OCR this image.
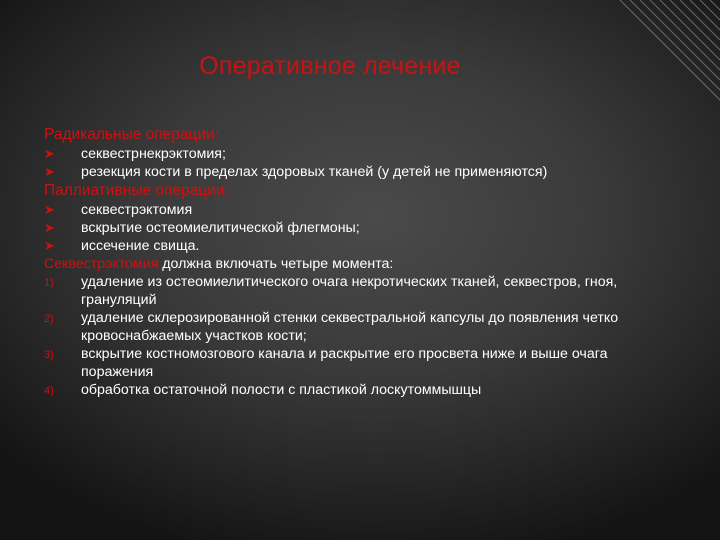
Оперативное лечение
Радикальные операции:
➤ секвестрнекрэктомия;
➤ резекция кости в пределах здоровых тканей (у детей не применяются)
Паллиативные операции:
➤ секвестрэктомия
➤ вскрытие остеомиелитической флегмоны;
➤ иссечение свища.
Секвестрэктомия должна включать четыре момента:
1) удаление из остеомиелитического очага некротических тканей, секвестров, гноя, грануляций
2) удаление склерозированной стенки секвестральной капсулы до появления четко кровоснабжаемых участков кости;
3) вскрытие костномозгового канала и раскрытие его просвета ниже и выше очага поражения
4) обработка остаточной полости с пластикой лоскутоммышцы
